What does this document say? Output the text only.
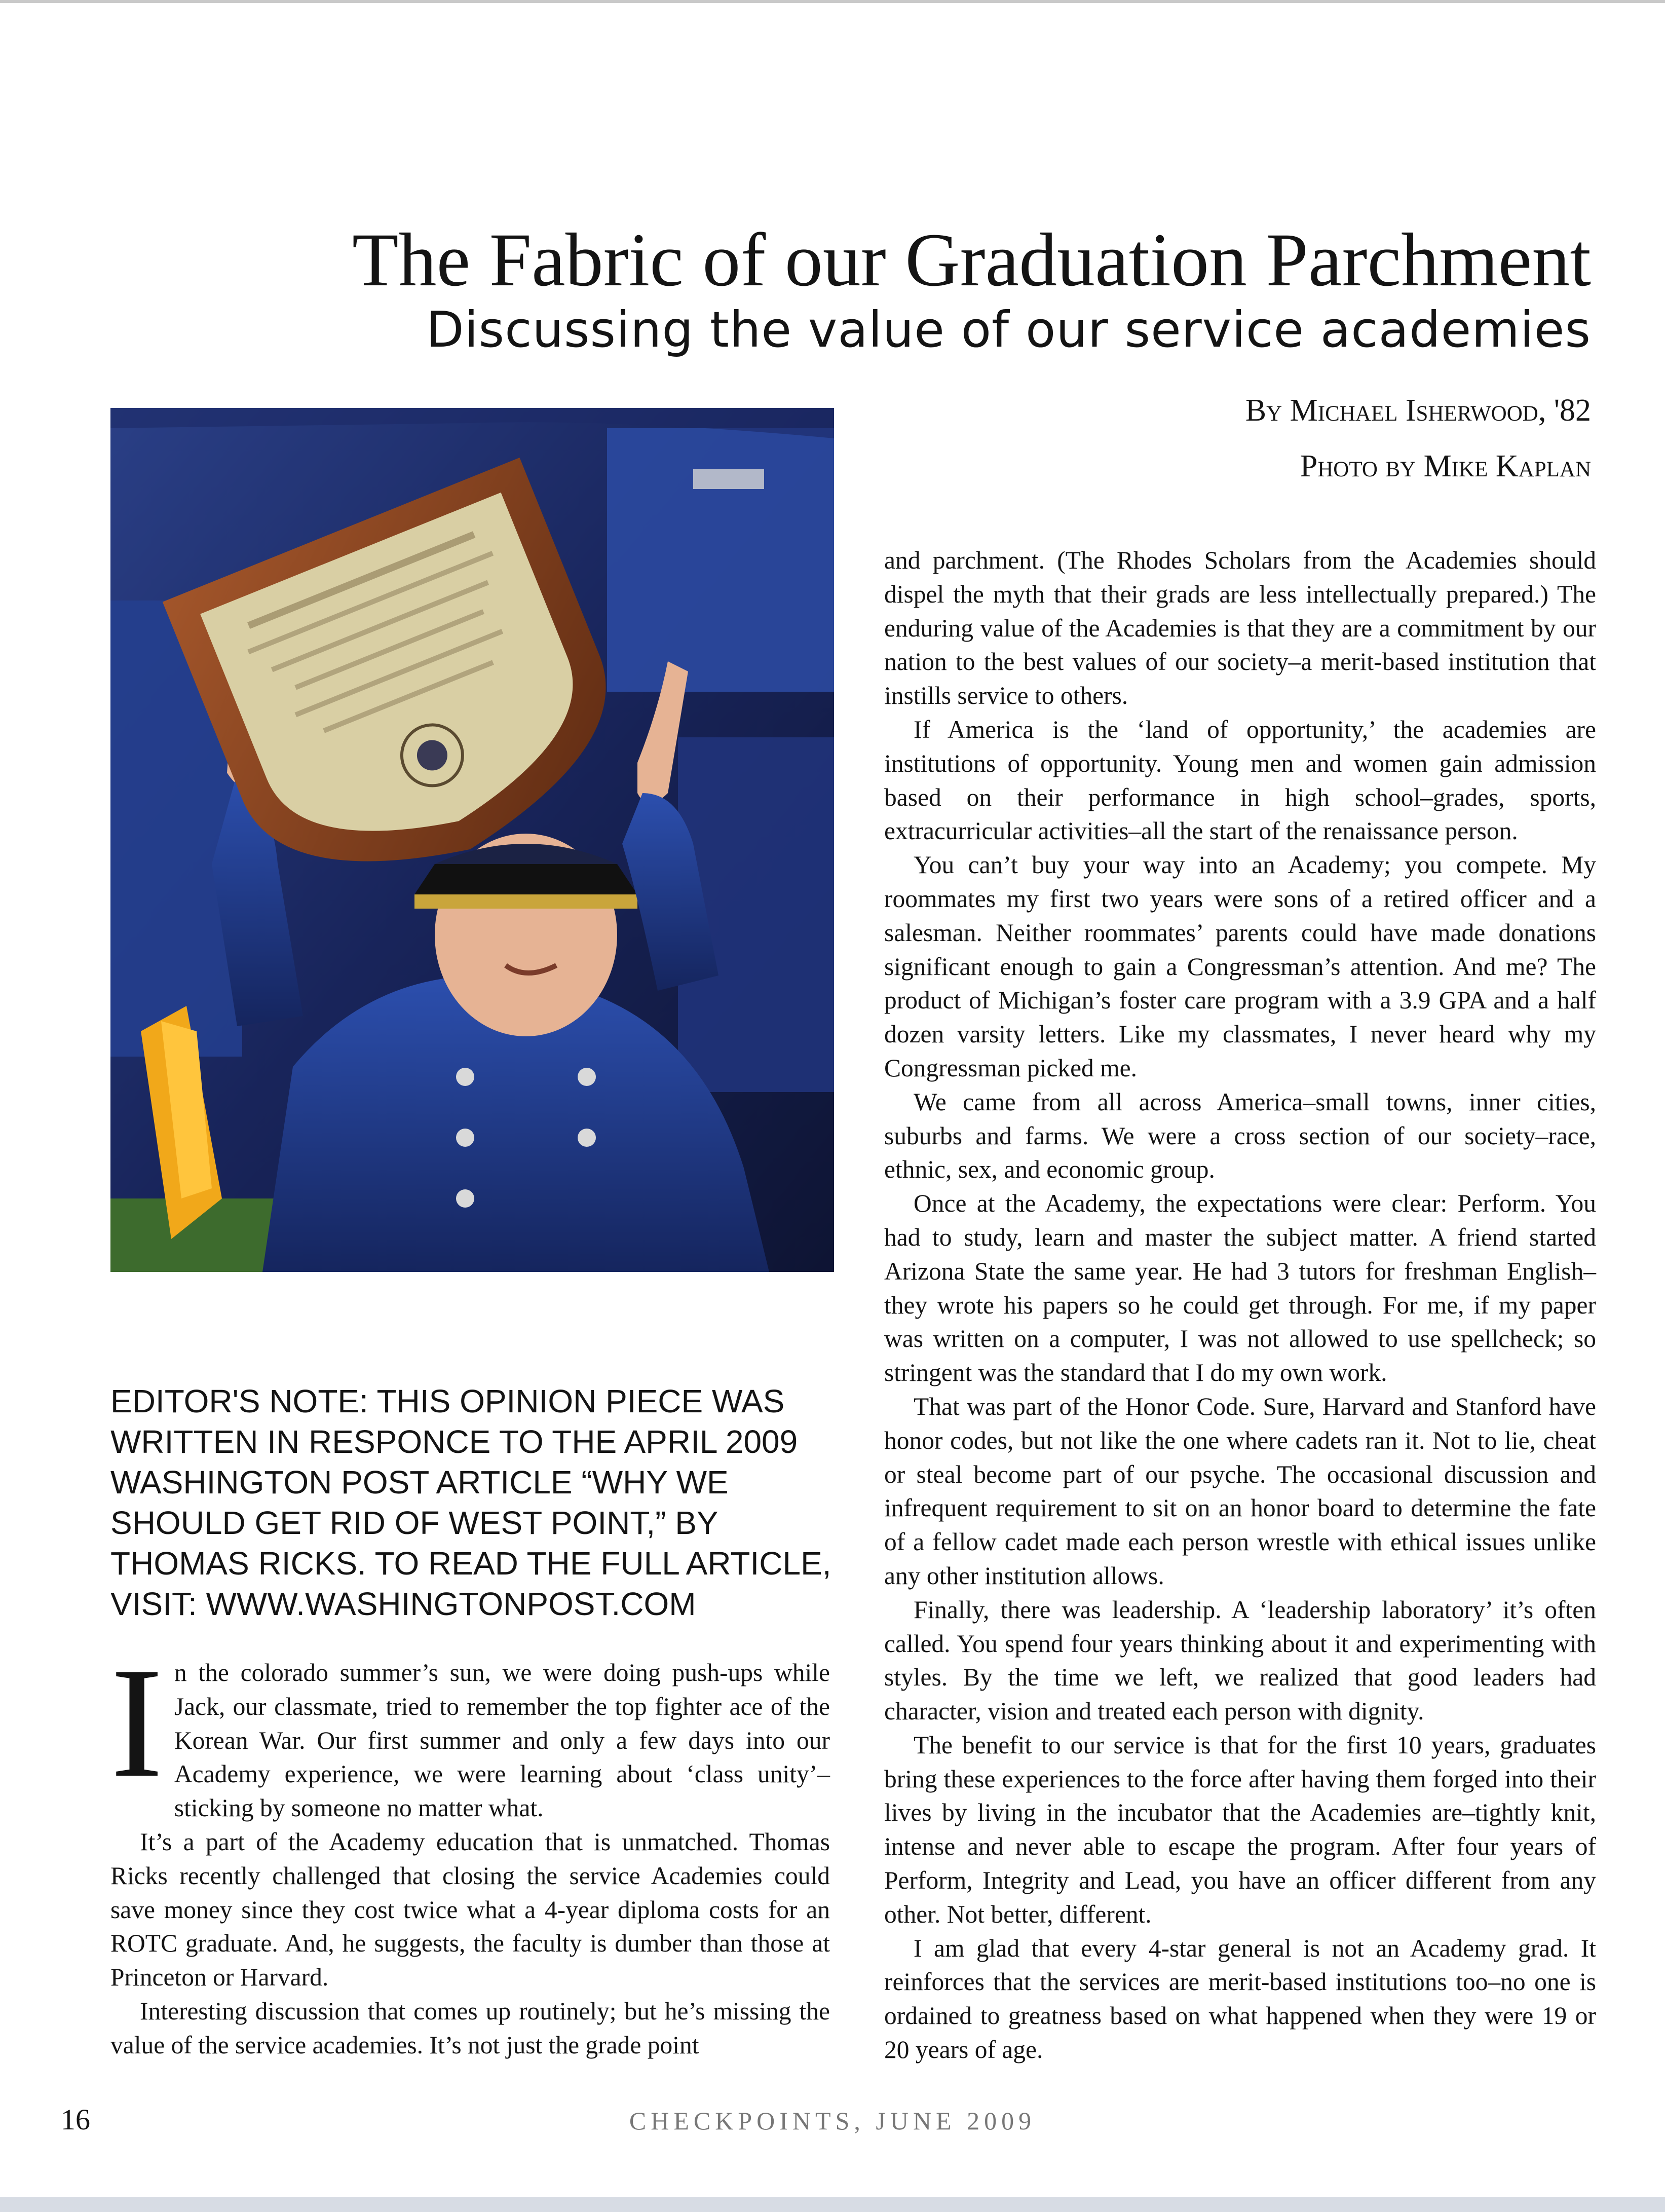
The Fabric of our Graduation Parchment
Discussing the value of our service academies
By Michael Isherwood, '82
Photo by Mike Kaplan

EDITOR'S NOTE: THIS OPINION PIECE WAS WRITTEN IN RESPONCE TO THE APRIL 2009 WASHINGTON POST ARTICLE “WHY WE SHOULD GET RID OF WEST POINT,” BY THOMAS RICKS. TO READ THE FULL ARTICLE, VISIT: WWW.WASHINGTONPOST.COM

I n the colorado summer’s sun, we were doing push-ups while Jack, our classmate, tried to remember the top fighter ace of the Korean War. Our first summer and only a few days into our Academy experience, we were learning about ‘class unity’–sticking by someone no matter what.

It’s a part of the Academy education that is unmatched. Thomas Ricks recently challenged that closing the service Academies could save money since they cost twice what a 4-year diploma costs for an ROTC graduate. And, he suggests, the faculty is dumber than those at Princeton or Harvard.

Interesting discussion that comes up routinely; but he’s missing the value of the service academies. It’s not just the grade point

and parchment. (The Rhodes Scholars from the Academies should dispel the myth that their grads are less intellectually prepared.) The enduring value of the Academies is that they are a commitment by our nation to the best values of our society–a merit-based institution that instills service to others.

If America is the ‘land of opportunity,’ the academies are institutions of opportunity. Young men and women gain admission based on their performance in high school–grades, sports, extracurricular activities–all the start of the renaissance person.

You can’t buy your way into an Academy; you compete. My roommates my first two years were sons of a retired officer and a salesman. Neither roommates’ parents could have made donations significant enough to gain a Congressman’s attention. And me? The product of Michigan’s foster care program with a 3.9 GPA and a half dozen varsity letters. Like my classmates, I never heard why my Congressman picked me.

We came from all across America–small towns, inner cities, suburbs and farms. We were a cross section of our society–race, ethnic, sex, and economic group.

Once at the Academy, the expectations were clear: Perform. You had to study, learn and master the subject matter. A friend started Arizona State the same year. He had 3 tutors for freshman English–they wrote his papers so he could get through. For me, if my paper was written on a computer, I was not allowed to use spellcheck; so stringent was the standard that I do my own work.

That was part of the Honor Code. Sure, Harvard and Stanford have honor codes, but not like the one where cadets ran it. Not to lie, cheat or steal become part of our psyche. The occasional discussion and infrequent requirement to sit on an honor board to determine the fate of a fellow cadet made each person wrestle with ethical issues unlike any other institution allows.

Finally, there was leadership. A ‘leadership laboratory’ it’s often called. You spend four years thinking about it and experimenting with styles. By the time we left, we realized that good leaders had character, vision and treated each person with dignity.

The benefit to our service is that for the first 10 years, graduates bring these experiences to the force after having them forged into their lives by living in the incubator that the Academies are–tightly knit, intense and never able to escape the program. After four years of Perform, Integrity and Lead, you have an officer different from any other. Not better, different.

I am glad that every 4-star general is not an Academy grad. It reinforces that the services are merit-based institutions too–no one is ordained to greatness based on what happened when they were 19 or 20 years of age.

16	CHECKPOINTS, JUNE 2009
